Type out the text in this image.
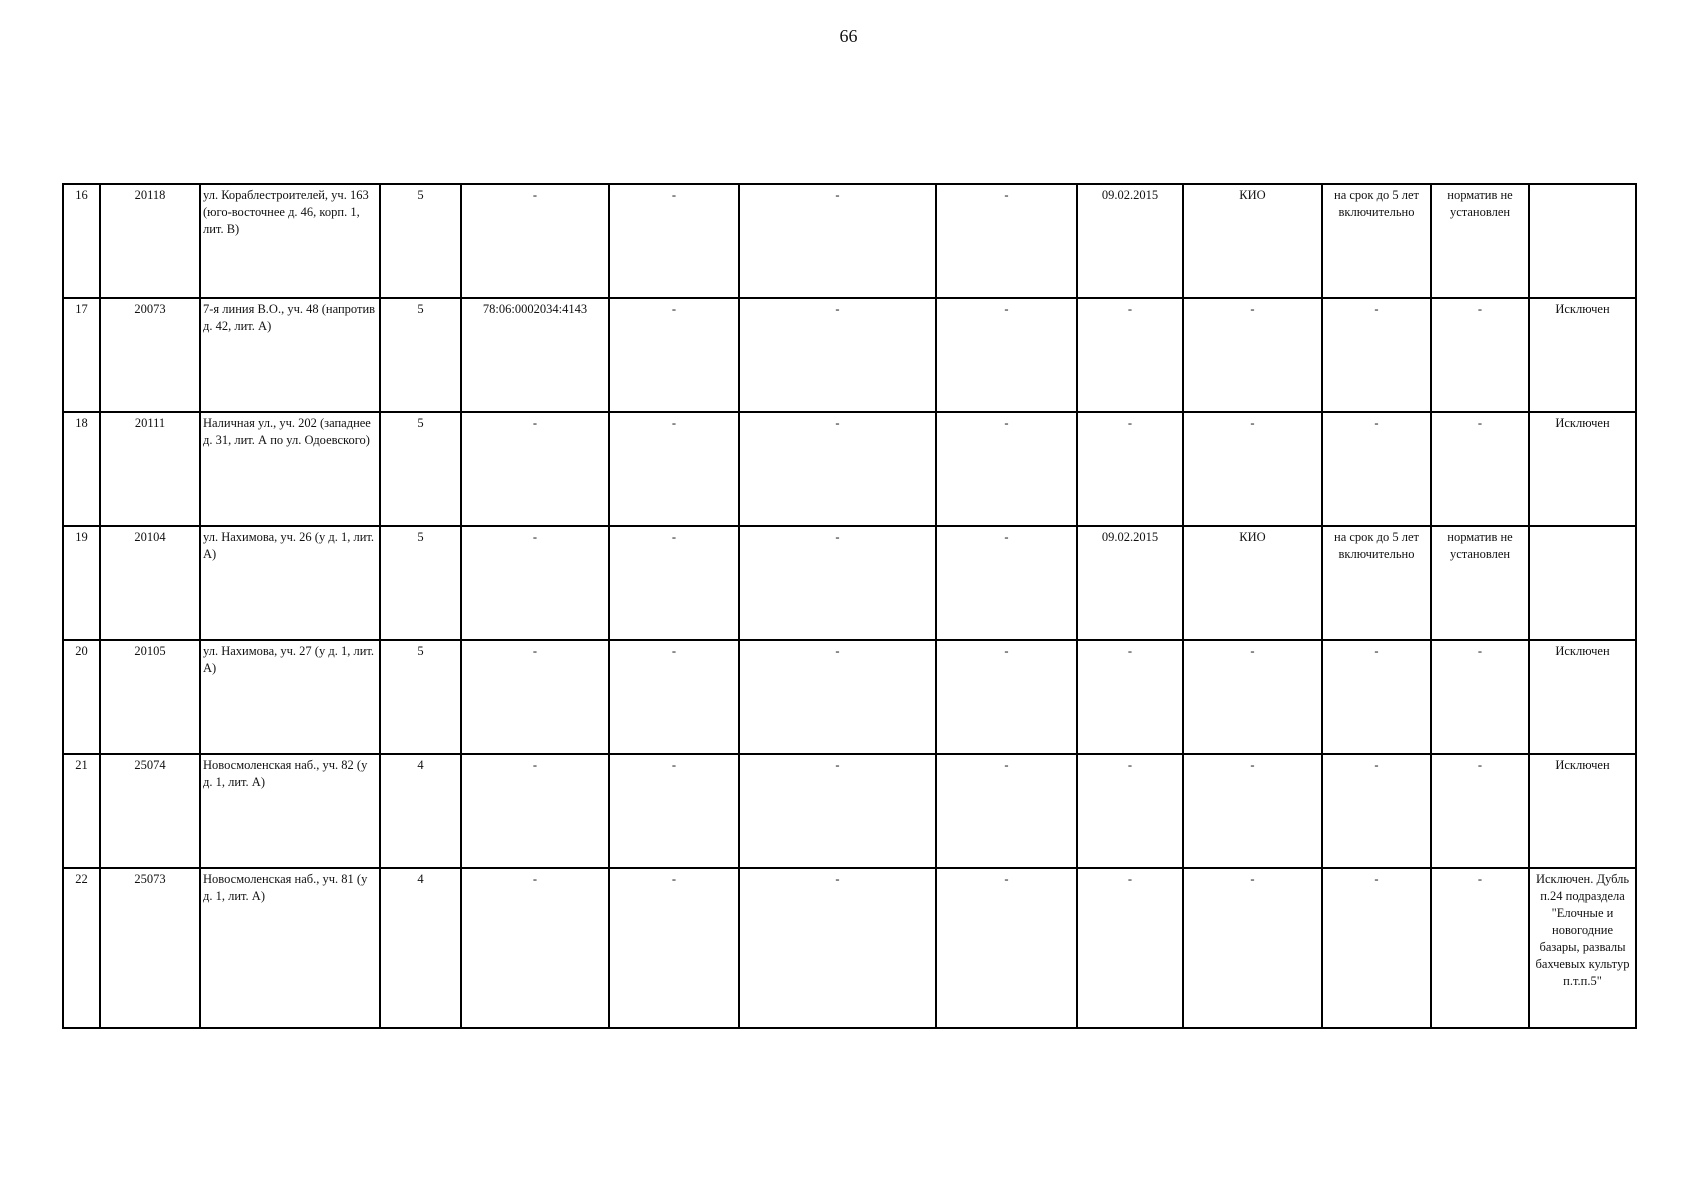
66
16	20118	ул. Кораблестроителей, уч. 163 (юго-восточнее д. 46, корп. 1, лит. В)	5	-	-	-	-	09.02.2015	КИО	на срок до 5 лет включительно	норматив не установлен	
17	20073	7-я линия В.О., уч. 48 (напротив д. 42, лит. А)	5	78:06:0002034:4143	-	-	-	-	-	-	-	Исключен
18	20111	Наличная ул., уч. 202 (западнее д. 31, лит. А по ул. Одоевского)	5	-	-	-	-	-	-	-	-	Исключен
19	20104	ул. Нахимова, уч. 26 (у д. 1, лит. А)	5	-	-	-	-	09.02.2015	КИО	на срок до 5 лет включительно	норматив не установлен	
20	20105	ул. Нахимова, уч. 27 (у д. 1, лит. А)	5	-	-	-	-	-	-	-	-	Исключен
21	25074	Новосмоленская наб., уч. 82 (у д. 1, лит. А)	4	-	-	-	-	-	-	-	-	Исключен
22	25073	Новосмоленская наб., уч. 81 (у д. 1, лит. А)	4	-	-	-	-	-	-	-	-	Исключен. Дубль п.24 подраздела "Елочные и новогодние базары, развалы бахчевых культур п.т.п.5"
